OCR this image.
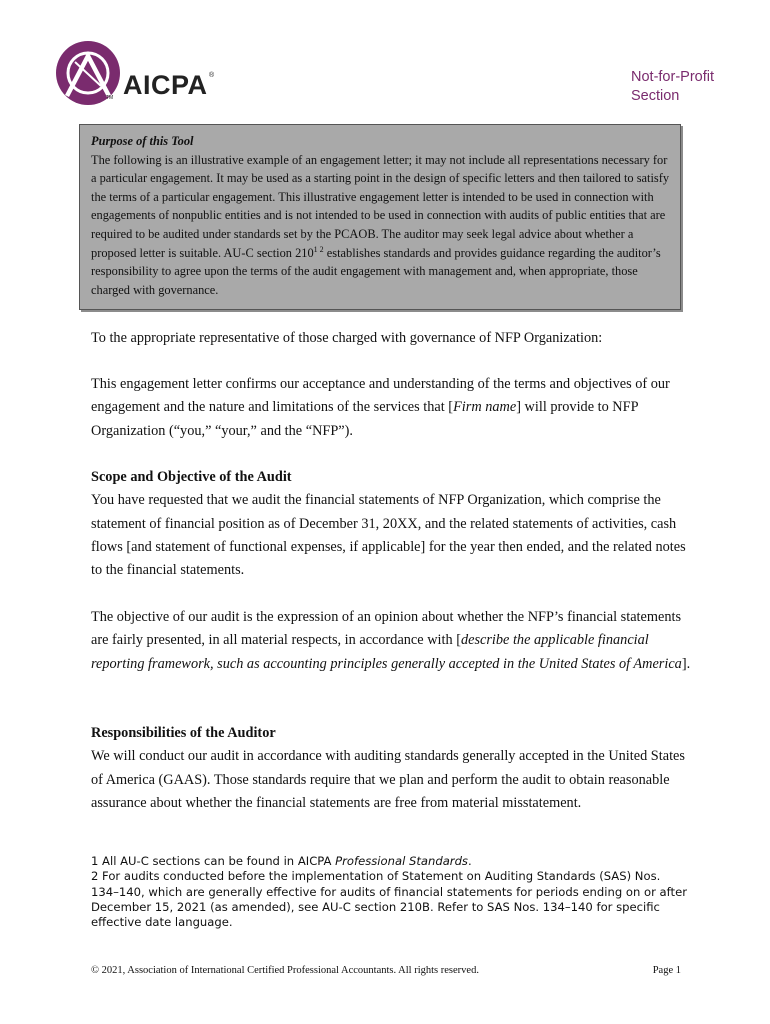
AICPA ®
TM
Not-for-Profit
Section
Purpose of this Tool
The following is an illustrative example of an engagement letter; it may not include all representations necessary for a particular engagement. It may be used as a starting point in the design of specific letters and then tailored to satisfy the terms of a particular engagement. This illustrative engagement letter is intended to be used in connection with engagements of nonpublic entities and is not intended to be used in connection with audits of public entities that are required to be audited under standards set by the PCAOB. The auditor may seek legal advice about whether a proposed letter is suitable. AU-C section $210^{1 2}$ establishes standards and provides guidance regarding the auditor’s responsibility to agree upon the terms of the audit engagement with management and, when appropriate, those charged with governance.

To the appropriate representative of those charged with governance of NFP Organization:

This engagement letter confirms our acceptance and understanding of the terms and objectives of our engagement and the nature and limitations of the services that [Firm name] will provide to NFP Organization (“you,” “your,” and the “NFP”).

Scope and Objective of the Audit

You have requested that we audit the financial statements of NFP Organization, which comprise the statement of financial position as of December 31, 20XX, and the related statements of activities, cash flows [and statement of functional expenses, if applicable] for the year then ended, and the related notes to the financial statements.

The objective of our audit is the expression of an opinion about whether the NFP’s financial statements are fairly presented, in all material respects, in accordance with [describe the applicable financial reporting framework, such as accounting principles generally accepted in the United States of America].

Responsibilities of the Auditor

We will conduct our audit in accordance with auditing standards generally accepted in the United States of America (GAAS). Those standards require that we plan and perform the audit to obtain reasonable assurance about whether the financial statements are free from material misstatement.

1 All AU-C sections can be found in AICPA Professional Standards.

2 For audits conducted before the implementation of Statement on Auditing Standards (SAS) Nos. 134–140, which are generally effective for audits of financial statements for periods ending on or after December 15, 2021 (as amended), see AU-C section 210B. Refer to SAS Nos. 134–140 for specific effective date language.

© 2021, Association of International Certified Professional Accountants. All rights reserved.	Page 1
